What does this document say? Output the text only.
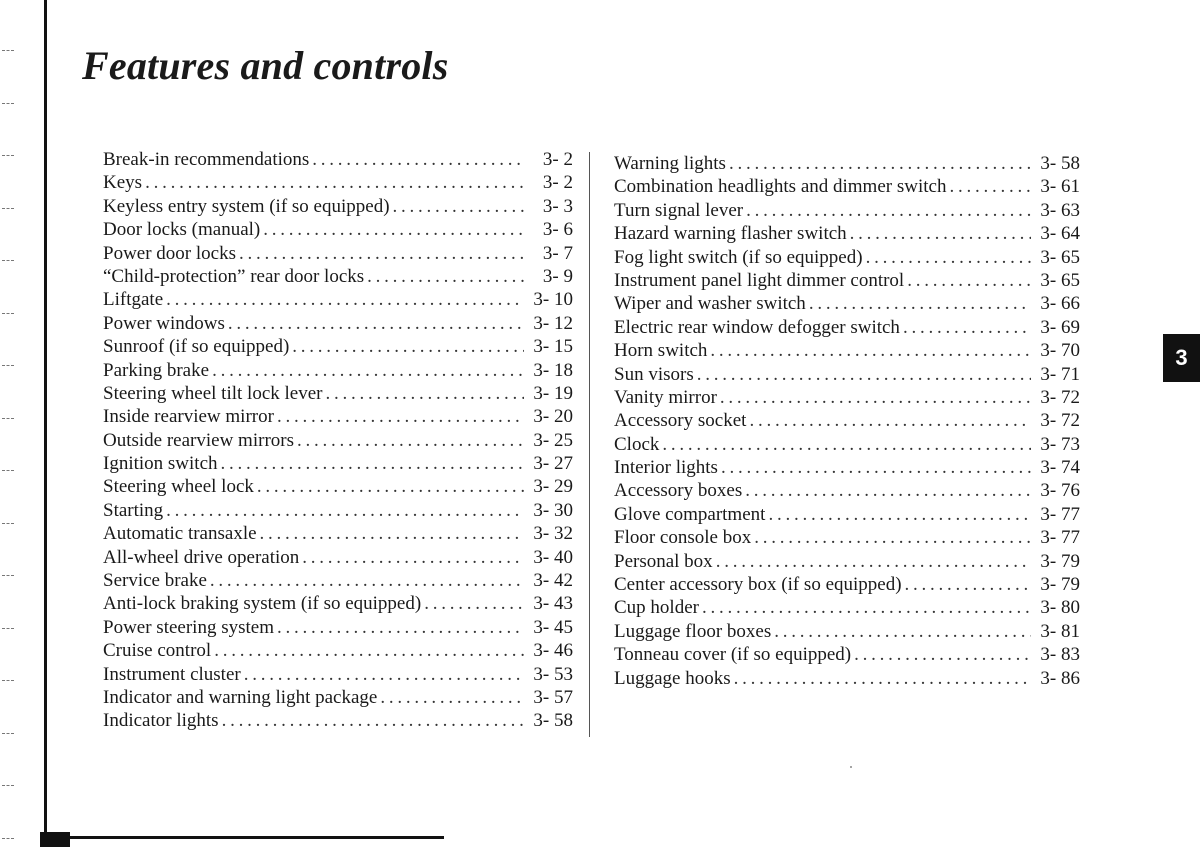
Features and controls
Break-in recommendations . . .	3- 2
Keys . . .	3- 2
Keyless entry system (if so equipped) . . .	3- 3
Door locks (manual) . . .	3- 6
Power door locks . . .	3- 7
“Child-protection” rear door locks . . .	3- 9
Liftgate . . .	3- 10
Power windows . . .	3- 12
Sunroof (if so equipped) . . .	3- 15
Parking brake . . .	3- 18
Steering wheel tilt lock lever . . .	3- 19
Inside rearview mirror . . .	3- 20
Outside rearview mirrors . . .	3- 25
Ignition switch . . .	3- 27
Steering wheel lock . . .	3- 29
Starting . . .	3- 30
Automatic transaxle . . .	3- 32
All-wheel drive operation . . .	3- 40
Service brake . . .	3- 42
Anti-lock braking system (if so equipped) . . .	3- 43
Power steering system . . .	3- 45
Cruise control . . .	3- 46
Instrument cluster . . .	3- 53
Indicator and warning light package . . .	3- 57
Indicator lights . . .	3- 58
Warning lights . . .	3- 58
Combination headlights and dimmer switch . . .	3- 61
Turn signal lever . . .	3- 63
Hazard warning flasher switch . . .	3- 64
Fog light switch (if so equipped) . . .	3- 65
Instrument panel light dimmer control . . .	3- 65
Wiper and washer switch . . .	3- 66
Electric rear window defogger switch . . .	3- 69
Horn switch . . .	3- 70
Sun visors . . .	3- 71
Vanity mirror . . .	3- 72
Accessory socket . . .	3- 72
Clock . . .	3- 73
Interior lights . . .	3- 74
Accessory boxes . . .	3- 76
Glove compartment . . .	3- 77
Floor console box . . .	3- 77
Personal box . . .	3- 79
Center accessory box (if so equipped) . . .	3- 79
Cup holder . . .	3- 80
Luggage floor boxes . . .	3- 81
Tonneau cover (if so equipped) . . .	3- 83
Luggage hooks . . .	3- 86
3
